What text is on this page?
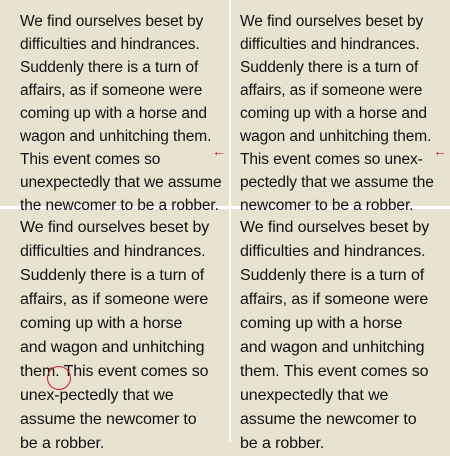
We find ourselves beset by
difficulties and hindrances.
Suddenly there is a turn of
affairs, as if someone were
coming up with a horse and
wagon and unhitching them.
This event comes so
unexpectedly that we assume
the newcomer to be a robber.
←
We find ourselves beset by
difficulties and hindrances.
Suddenly there is a turn of
affairs, as if someone were
coming up with a horse and
wagon and unhitching them.
This event comes so unex-
pectedly that we assume the
newcomer to be a robber.
←
We find ourselves beset by
difficulties and hindrances.
Suddenly there is a turn of
affairs, as if someone were
coming up with a horse
and wagon and unhitching
them. This event comes so
unex-pectedly that we
assume the newcomer to
be a robber.
We find ourselves beset by
difficulties and hindrances.
Suddenly there is a turn of
affairs, as if someone were
coming up with a horse
and wagon and unhitching
them. This event comes so
unexpectedly that we
assume the newcomer to
be a robber.
